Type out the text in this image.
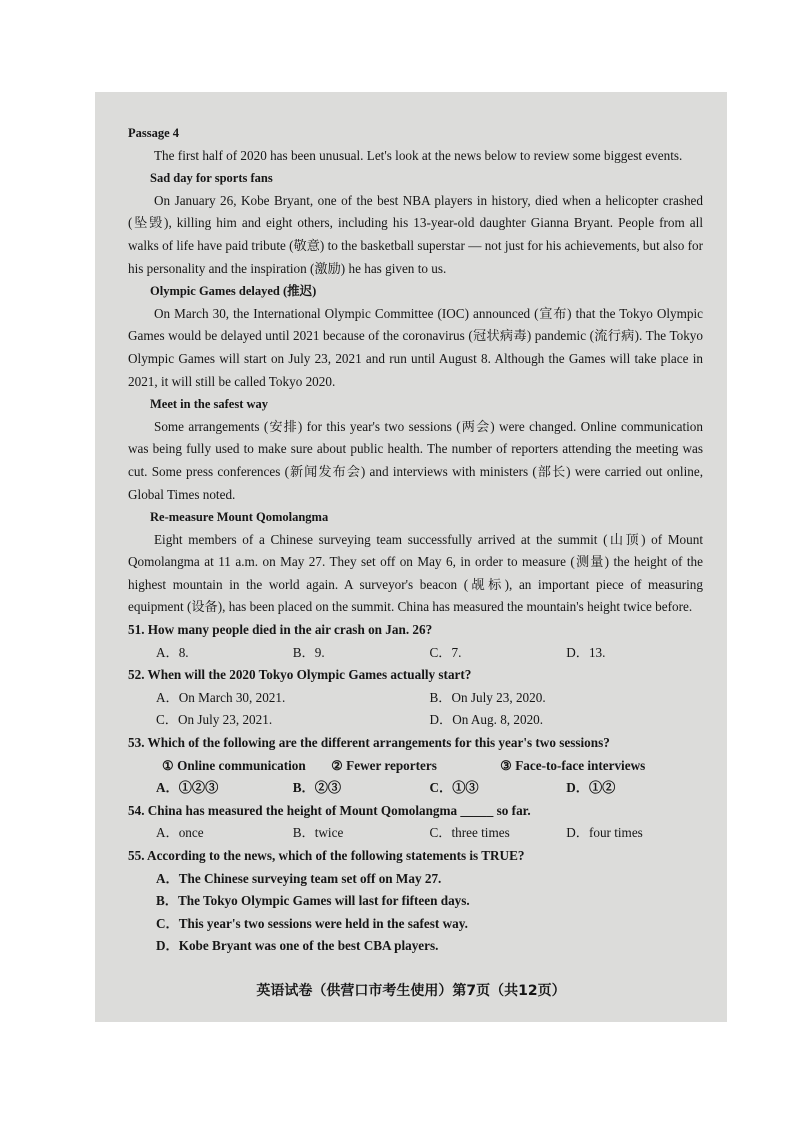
Passage 4

The first half of 2020 has been unusual. Let's look at the news below to review some biggest events.

Sad day for sports fans

On January 26, Kobe Bryant, one of the best NBA players in history, died when a helicopter crashed (坠毁), killing him and eight others, including his 13-year-old daughter Gianna Bryant. People from all walks of life have paid tribute (敬意) to the basketball superstar — not just for his achievements, but also for his personality and the inspiration (激励) he has given to us.

Olympic Games delayed (推迟)

On March 30, the International Olympic Committee (IOC) announced (宣布) that the Tokyo Olympic Games would be delayed until 2021 because of the coronavirus (冠状病毒) pandemic (流行病). The Tokyo Olympic Games will start on July 23, 2021 and run until August 8. Although the Games will take place in 2021, it will still be called Tokyo 2020.

Meet in the safest way

Some arrangements (安排) for this year's two sessions (两会) were changed. Online communication was being fully used to make sure about public health. The number of reporters attending the meeting was cut. Some press conferences (新闻发布会) and interviews with ministers (部长) were carried out online, Global Times noted.

Re-measure Mount Qomolangma

Eight members of a Chinese surveying team successfully arrived at the summit (山顶) of Mount Qomolangma at 11 a.m. on May 27. They set off on May 6, in order to measure (测量) the height of the highest mountain in the world again. A surveyor's beacon (觇标), an important piece of measuring equipment (设备), has been placed on the summit. China has measured the mountain's height twice before.

51. How many people died in the air crash on Jan. 26?
A．8.	B．9.	C．7.	D．13.
52. When will the 2020 Tokyo Olympic Games actually start?
A．On March 30, 2021.	B．On July 23, 2020.
C．On July 23, 2021.	D．On Aug. 8, 2020.
53. Which of the following are the different arrangements for this year's two sessions?
① Online communication	② Fewer reporters	③ Face-to-face interviews
A．①②③	B．②③	C．①③	D．①②
54. China has measured the height of Mount Qomolangma _____ so far.
A．once	B．twice	C．three times	D．four times
55. According to the news, which of the following statements is TRUE?
A．The Chinese surveying team set off on May 27.
B．The Tokyo Olympic Games will last for fifteen days.
C．This year's two sessions were held in the safest way.
D．Kobe Bryant was one of the best CBA players.
英语试卷（供营口市考生使用）第7页（共12页）
